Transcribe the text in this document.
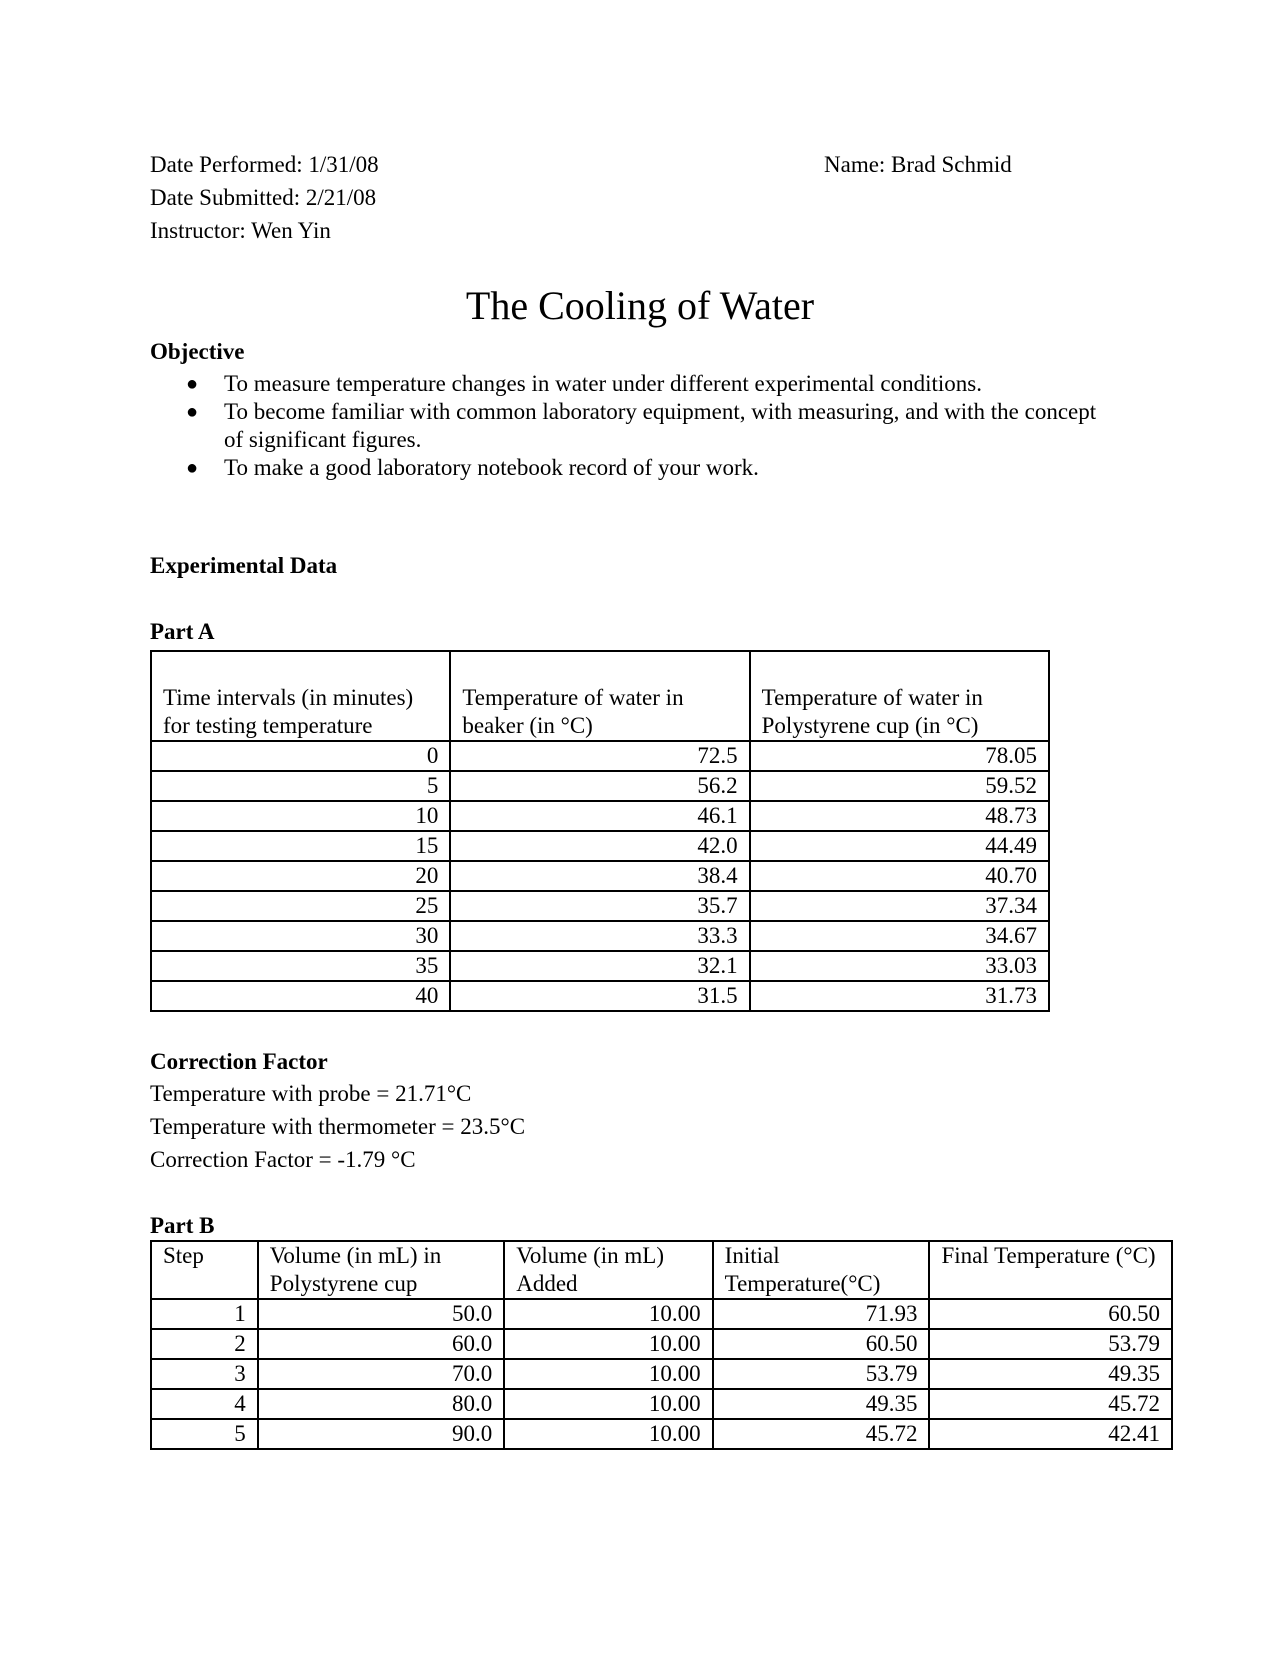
Date Performed: 1/31/08
Date Submitted: 2/21/08
Instructor: Wen Yin
Name: Brad Schmid
The Cooling of Water
Objective
● To measure temperature changes in water under different experimental conditions.
● To become familiar with common laboratory equipment, with measuring, and with the concept of significant figures.
● To make a good laboratory notebook record of your work.
Experimental Data
Part A
Time intervals (in minutes) for testing temperature	Temperature of water in beaker (in °C)	Temperature of water in Polystyrene cup (in °C)
0	72.5	78.05
5	56.2	59.52
10	46.1	48.73
15	42.0	44.49
20	38.4	40.70
25	35.7	37.34
30	33.3	34.67
35	32.1	33.03
40	31.5	31.73
Correction Factor
Temperature with probe = 21.71°C
Temperature with thermometer = 23.5°C
Correction Factor = -1.79 °C
Part B
Step	Volume (in mL) in Polystyrene cup	Volume (in mL) Added	Initial Temperature(°C)	Final Temperature (°C)
1	50.0	10.00	71.93	60.50
2	60.0	10.00	60.50	53.79
3	70.0	10.00	53.79	49.35
4	80.0	10.00	49.35	45.72
5	90.0	10.00	45.72	42.41
